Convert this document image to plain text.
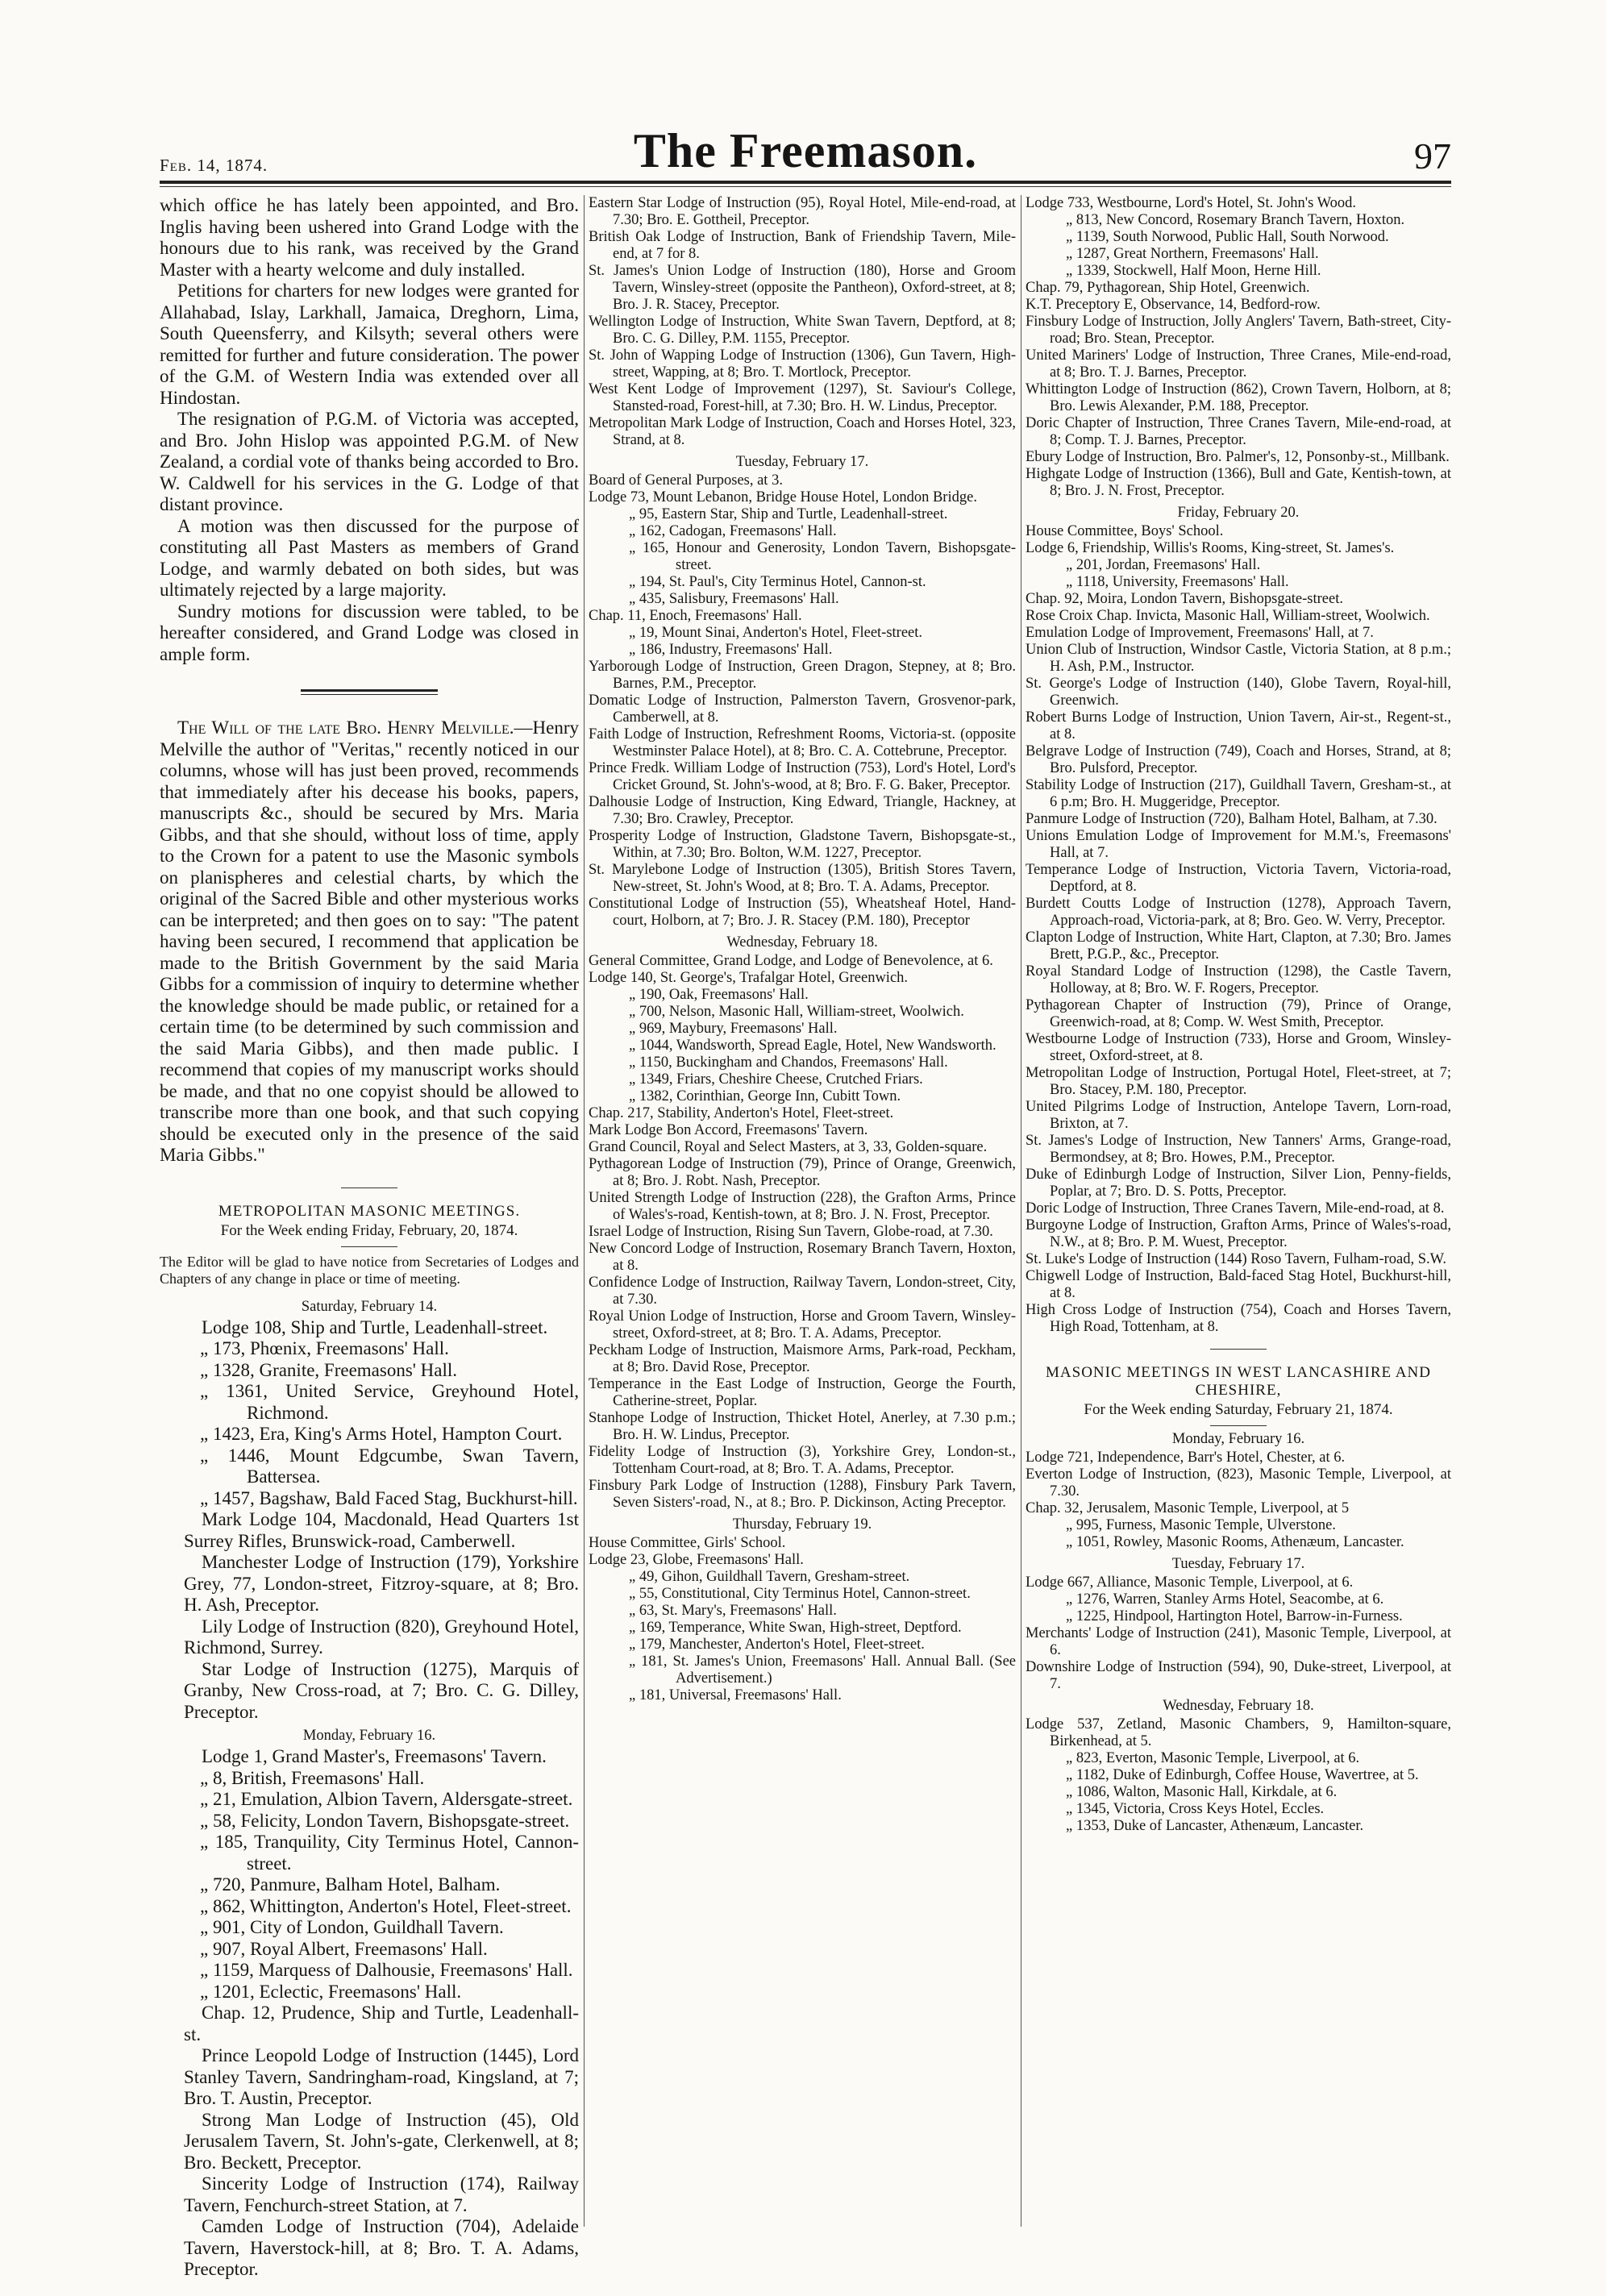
Feb. 14, 1874.	The Freemason.	97

which office he has lately been appointed, and Bro. Inglis having been ushered into Grand Lodge with the honours due to his rank, was received by the Grand Master with a hearty welcome and duly installed.

Petitions for charters for new lodges were granted for Allahabad, Islay, Larkhall, Jamaica, Dreghorn, Lima, South Queensferry, and Kilsyth; several others were remitted for further and future consideration. The power of the G.M. of Western India was extended over all Hindostan.

The resignation of P.G.M. of Victoria was accepted, and Bro. John Hislop was appointed P.G.M. of New Zealand, a cordial vote of thanks being accorded to Bro. W. Caldwell for his services in the G. Lodge of that distant province.

A motion was then discussed for the purpose of constituting all Past Masters as members of Grand Lodge, and warmly debated on both sides, but was ultimately rejected by a large majority.

Sundry motions for discussion were tabled, to be hereafter considered, and Grand Lodge was closed in ample form.

The Will of the late Bro. Henry Melville.—Henry Melville the author of "Veritas," recently noticed in our columns, whose will has just been proved, recommends that immediately after his decease his books, papers, manuscripts &c., should be secured by Mrs. Maria Gibbs, and that she should, without loss of time, apply to the Crown for a patent to use the Masonic symbols on planispheres and celestial charts, by which the original of the Sacred Bible and other mysterious works can be interpreted; and then goes on to say: "The patent having been secured, I recommend that application be made to the British Government by the said Maria Gibbs for a commission of inquiry to determine whether the knowledge should be made public, or retained for a certain time (to be determined by such commission and the said Maria Gibbs), and then made public. I recommend that copies of my manuscript works should be made, and that no one copyist should be allowed to transcribe more than one book, and that such copying should be executed only in the presence of the said Maria Gibbs."

METROPOLITAN MASONIC MEETINGS.
For the Week ending Friday, February, 20, 1874.
The Editor will be glad to have notice from Secretaries of Lodges and Chapters of any change in place or time of meeting.
Saturday, February 14.

Lodge 108, Ship and Turtle, Leadenhall-street.

„ 173, Phœnix, Freemasons' Hall.

„ 1328, Granite, Freemasons' Hall.

„ 1361, United Service, Greyhound Hotel, Richmond.

„ 1423, Era, King's Arms Hotel, Hampton Court.

„ 1446, Mount Edgcumbe, Swan Tavern, Battersea.

„ 1457, Bagshaw, Bald Faced Stag, Buckhurst-hill.

Mark Lodge 104, Macdonald, Head Quarters 1st Surrey Rifles, Brunswick-road, Camberwell.

Manchester Lodge of Instruction (179), Yorkshire Grey, 77, London-street, Fitzroy-square, at 8; Bro. H. Ash, Preceptor.

Lily Lodge of Instruction (820), Greyhound Hotel, Richmond, Surrey.

Star Lodge of Instruction (1275), Marquis of Granby, New Cross-road, at 7; Bro. C. G. Dilley, Preceptor.

Monday, February 16.

Lodge 1, Grand Master's, Freemasons' Tavern.

„ 8, British, Freemasons' Hall.

„ 21, Emulation, Albion Tavern, Aldersgate-street.

„ 58, Felicity, London Tavern, Bishopsgate-street.

„ 185, Tranquility, City Terminus Hotel, Cannon-street.

„ 720, Panmure, Balham Hotel, Balham.

„ 862, Whittington, Anderton's Hotel, Fleet-street.

„ 901, City of London, Guildhall Tavern.

„ 907, Royal Albert, Freemasons' Hall.

„ 1159, Marquess of Dalhousie, Freemasons' Hall.

„ 1201, Eclectic, Freemasons' Hall.

Chap. 12, Prudence, Ship and Turtle, Leadenhall-st.

Prince Leopold Lodge of Instruction (1445), Lord Stanley Tavern, Sandringham-road, Kingsland, at 7; Bro. T. Austin, Preceptor.

Strong Man Lodge of Instruction (45), Old Jerusalem Tavern, St. John's-gate, Clerkenwell, at 8; Bro. Beckett, Preceptor.

Sincerity Lodge of Instruction (174), Railway Tavern, Fenchurch-street Station, at 7.

Camden Lodge of Instruction (704), Adelaide Tavern, Haverstock-hill, at 8; Bro. T. A. Adams, Preceptor.

Eastern Star Lodge of Instruction (95), Royal Hotel, Mile-end-road, at 7.30; Bro. E. Gottheil, Preceptor.

British Oak Lodge of Instruction, Bank of Friendship Tavern, Mile-end, at 7 for 8.

St. James's Union Lodge of Instruction (180), Horse and Groom Tavern, Winsley-street (opposite the Pantheon), Oxford-street, at 8; Bro. J. R. Stacey, Preceptor.

Wellington Lodge of Instruction, White Swan Tavern, Deptford, at 8; Bro. C. G. Dilley, P.M. 1155, Preceptor.

St. John of Wapping Lodge of Instruction (1306), Gun Tavern, High-street, Wapping, at 8; Bro. T. Mortlock, Preceptor.

West Kent Lodge of Improvement (1297), St. Saviour's College, Stansted-road, Forest-hill, at 7.30; Bro. H. W. Lindus, Preceptor.

Metropolitan Mark Lodge of Instruction, Coach and Horses Hotel, 323, Strand, at 8.

Tuesday, February 17.

Board of General Purposes, at 3.

Lodge 73, Mount Lebanon, Bridge House Hotel, London Bridge.

„ 95, Eastern Star, Ship and Turtle, Leadenhall-street.

„ 162, Cadogan, Freemasons' Hall.

„ 165, Honour and Generosity, London Tavern, Bishopsgate-street.

„ 194, St. Paul's, City Terminus Hotel, Cannon-st.

„ 435, Salisbury, Freemasons' Hall.

Chap. 11, Enoch, Freemasons' Hall.

„ 19, Mount Sinai, Anderton's Hotel, Fleet-street.

„ 186, Industry, Freemasons' Hall.

Yarborough Lodge of Instruction, Green Dragon, Stepney, at 8; Bro. Barnes, P.M., Preceptor.

Domatic Lodge of Instruction, Palmerston Tavern, Grosvenor-park, Camberwell, at 8.

Faith Lodge of Instruction, Refreshment Rooms, Victoria-st. (opposite Westminster Palace Hotel), at 8; Bro. C. A. Cottebrune, Preceptor.

Prince Fredk. William Lodge of Instruction (753), Lord's Hotel, Lord's Cricket Ground, St. John's-wood, at 8; Bro. F. G. Baker, Preceptor.

Dalhousie Lodge of Instruction, King Edward, Triangle, Hackney, at 7.30; Bro. Crawley, Preceptor.

Prosperity Lodge of Instruction, Gladstone Tavern, Bishopsgate-st., Within, at 7.30; Bro. Bolton, W.M. 1227, Preceptor.

St. Marylebone Lodge of Instruction (1305), British Stores Tavern, New-street, St. John's Wood, at 8; Bro. T. A. Adams, Preceptor.

Constitutional Lodge of Instruction (55), Wheatsheaf Hotel, Hand-court, Holborn, at 7; Bro. J. R. Stacey (P.M. 180), Preceptor

Wednesday, February 18.

General Committee, Grand Lodge, and Lodge of Benevolence, at 6.

Lodge 140, St. George's, Trafalgar Hotel, Greenwich.

„ 190, Oak, Freemasons' Hall.

„ 700, Nelson, Masonic Hall, William-street, Woolwich.

„ 969, Maybury, Freemasons' Hall.

„ 1044, Wandsworth, Spread Eagle, Hotel, New Wandsworth.

„ 1150, Buckingham and Chandos, Freemasons' Hall.

„ 1349, Friars, Cheshire Cheese, Crutched Friars.

„ 1382, Corinthian, George Inn, Cubitt Town.

Chap. 217, Stability, Anderton's Hotel, Fleet-street.

Mark Lodge Bon Accord, Freemasons' Tavern.

Grand Council, Royal and Select Masters, at 3, 33, Golden-square.

Pythagorean Lodge of Instruction (79), Prince of Orange, Greenwich, at 8; Bro. J. Robt. Nash, Preceptor.

United Strength Lodge of Instruction (228), the Grafton Arms, Prince of Wales's-road, Kentish-town, at 8; Bro. J. N. Frost, Preceptor.

Israel Lodge of Instruction, Rising Sun Tavern, Globe-road, at 7.30.

New Concord Lodge of Instruction, Rosemary Branch Tavern, Hoxton, at 8.

Confidence Lodge of Instruction, Railway Tavern, London-street, City, at 7.30.

Royal Union Lodge of Instruction, Horse and Groom Tavern, Winsley-street, Oxford-street, at 8; Bro. T. A. Adams, Preceptor.

Peckham Lodge of Instruction, Maismore Arms, Park-road, Peckham, at 8; Bro. David Rose, Preceptor.

Temperance in the East Lodge of Instruction, George the Fourth, Catherine-street, Poplar.

Stanhope Lodge of Instruction, Thicket Hotel, Anerley, at 7.30 p.m.; Bro. H. W. Lindus, Preceptor.

Fidelity Lodge of Instruction (3), Yorkshire Grey, London-st., Tottenham Court-road, at 8; Bro. T. A. Adams, Preceptor.

Finsbury Park Lodge of Instruction (1288), Finsbury Park Tavern, Seven Sisters'-road, N., at 8.; Bro. P. Dickinson, Acting Preceptor.

Thursday, February 19.

House Committee, Girls' School.

Lodge 23, Globe, Freemasons' Hall.

„ 49, Gihon, Guildhall Tavern, Gresham-street.

„ 55, Constitutional, City Terminus Hotel, Cannon-street.

„ 63, St. Mary's, Freemasons' Hall.

„ 169, Temperance, White Swan, High-street, Deptford.

„ 179, Manchester, Anderton's Hotel, Fleet-street.

„ 181, St. James's Union, Freemasons' Hall. Annual Ball. (See Advertisement.)

„ 181, Universal, Freemasons' Hall.

Lodge 733, Westbourne, Lord's Hotel, St. John's Wood.

„ 813, New Concord, Rosemary Branch Tavern, Hoxton.

„ 1139, South Norwood, Public Hall, South Norwood.

„ 1287, Great Northern, Freemasons' Hall.

„ 1339, Stockwell, Half Moon, Herne Hill.

Chap. 79, Pythagorean, Ship Hotel, Greenwich.

K.T. Preceptory E, Observance, 14, Bedford-row.

Finsbury Lodge of Instruction, Jolly Anglers' Tavern, Bath-street, City-road; Bro. Stean, Preceptor.

United Mariners' Lodge of Instruction, Three Cranes, Mile-end-road, at 8; Bro. T. J. Barnes, Preceptor.

Whittington Lodge of Instruction (862), Crown Tavern, Holborn, at 8; Bro. Lewis Alexander, P.M. 188, Preceptor.

Doric Chapter of Instruction, Three Cranes Tavern, Mile-end-road, at 8; Comp. T. J. Barnes, Preceptor.

Ebury Lodge of Instruction, Bro. Palmer's, 12, Ponsonby-st., Millbank.

Highgate Lodge of Instruction (1366), Bull and Gate, Kentish-town, at 8; Bro. J. N. Frost, Preceptor.

Friday, February 20.

House Committee, Boys' School.

Lodge 6, Friendship, Willis's Rooms, King-street, St. James's.

„ 201, Jordan, Freemasons' Hall.

„ 1118, University, Freemasons' Hall.

Chap. 92, Moira, London Tavern, Bishopsgate-street.

Rose Croix Chap. Invicta, Masonic Hall, William-street, Woolwich.

Emulation Lodge of Improvement, Freemasons' Hall, at 7.

Union Club of Instruction, Windsor Castle, Victoria Station, at 8 p.m.; H. Ash, P.M., Instructor.

St. George's Lodge of Instruction (140), Globe Tavern, Royal-hill, Greenwich.

Robert Burns Lodge of Instruction, Union Tavern, Air-st., Regent-st., at 8.

Belgrave Lodge of Instruction (749), Coach and Horses, Strand, at 8; Bro. Pulsford, Preceptor.

Stability Lodge of Instruction (217), Guildhall Tavern, Gresham-st., at 6 p.m; Bro. H. Muggeridge, Preceptor.

Panmure Lodge of Instruction (720), Balham Hotel, Balham, at 7.30.

Unions Emulation Lodge of Improvement for M.M.'s, Freemasons' Hall, at 7.

Temperance Lodge of Instruction, Victoria Tavern, Victoria-road, Deptford, at 8.

Burdett Coutts Lodge of Instruction (1278), Approach Tavern, Approach-road, Victoria-park, at 8; Bro. Geo. W. Verry, Preceptor.

Clapton Lodge of Instruction, White Hart, Clapton, at 7.30; Bro. James Brett, P.G.P., &c., Preceptor.

Royal Standard Lodge of Instruction (1298), the Castle Tavern, Holloway, at 8; Bro. W. F. Rogers, Preceptor.

Pythagorean Chapter of Instruction (79), Prince of Orange, Greenwich-road, at 8; Comp. W. West Smith, Preceptor.

Westbourne Lodge of Instruction (733), Horse and Groom, Winsley-street, Oxford-street, at 8.

Metropolitan Lodge of Instruction, Portugal Hotel, Fleet-street, at 7; Bro. Stacey, P.M. 180, Preceptor.

United Pilgrims Lodge of Instruction, Antelope Tavern, Lorn-road, Brixton, at 7.

St. James's Lodge of Instruction, New Tanners' Arms, Grange-road, Bermondsey, at 8; Bro. Howes, P.M., Preceptor.

Duke of Edinburgh Lodge of Instruction, Silver Lion, Penny-fields, Poplar, at 7; Bro. D. S. Potts, Preceptor.

Doric Lodge of Instruction, Three Cranes Tavern, Mile-end-road, at 8.

Burgoyne Lodge of Instruction, Grafton Arms, Prince of Wales's-road, N.W., at 8; Bro. P. M. Wuest, Preceptor.

St. Luke's Lodge of Instruction (144) Roso Tavern, Fulham-road, S.W.

Chigwell Lodge of Instruction, Bald-faced Stag Hotel, Buckhurst-hill, at 8.

High Cross Lodge of Instruction (754), Coach and Horses Tavern, High Road, Tottenham, at 8.

MASONIC MEETINGS IN WEST LANCASHIRE AND CHESHIRE,
For the Week ending Saturday, February 21, 1874.
Monday, February 16.

Lodge 721, Independence, Barr's Hotel, Chester, at 6.

Everton Lodge of Instruction, (823), Masonic Temple, Liverpool, at 7.30.

Chap. 32, Jerusalem, Masonic Temple, Liverpool, at 5

„ 995, Furness, Masonic Temple, Ulverstone.

„ 1051, Rowley, Masonic Rooms, Athenæum, Lancaster.

Tuesday, February 17.

Lodge 667, Alliance, Masonic Temple, Liverpool, at 6.

„ 1276, Warren, Stanley Arms Hotel, Seacombe, at 6.

„ 1225, Hindpool, Hartington Hotel, Barrow-in-Furness.

Merchants' Lodge of Instruction (241), Masonic Temple, Liverpool, at 6.

Downshire Lodge of Instruction (594), 90, Duke-street, Liverpool, at 7.

Wednesday, February 18.

Lodge 537, Zetland, Masonic Chambers, 9, Hamilton-square, Birkenhead, at 5.

„ 823, Everton, Masonic Temple, Liverpool, at 6.

„ 1182, Duke of Edinburgh, Coffee House, Wavertree, at 5.

„ 1086, Walton, Masonic Hall, Kirkdale, at 6.

„ 1345, Victoria, Cross Keys Hotel, Eccles.

„ 1353, Duke of Lancaster, Athenæum, Lancaster.
